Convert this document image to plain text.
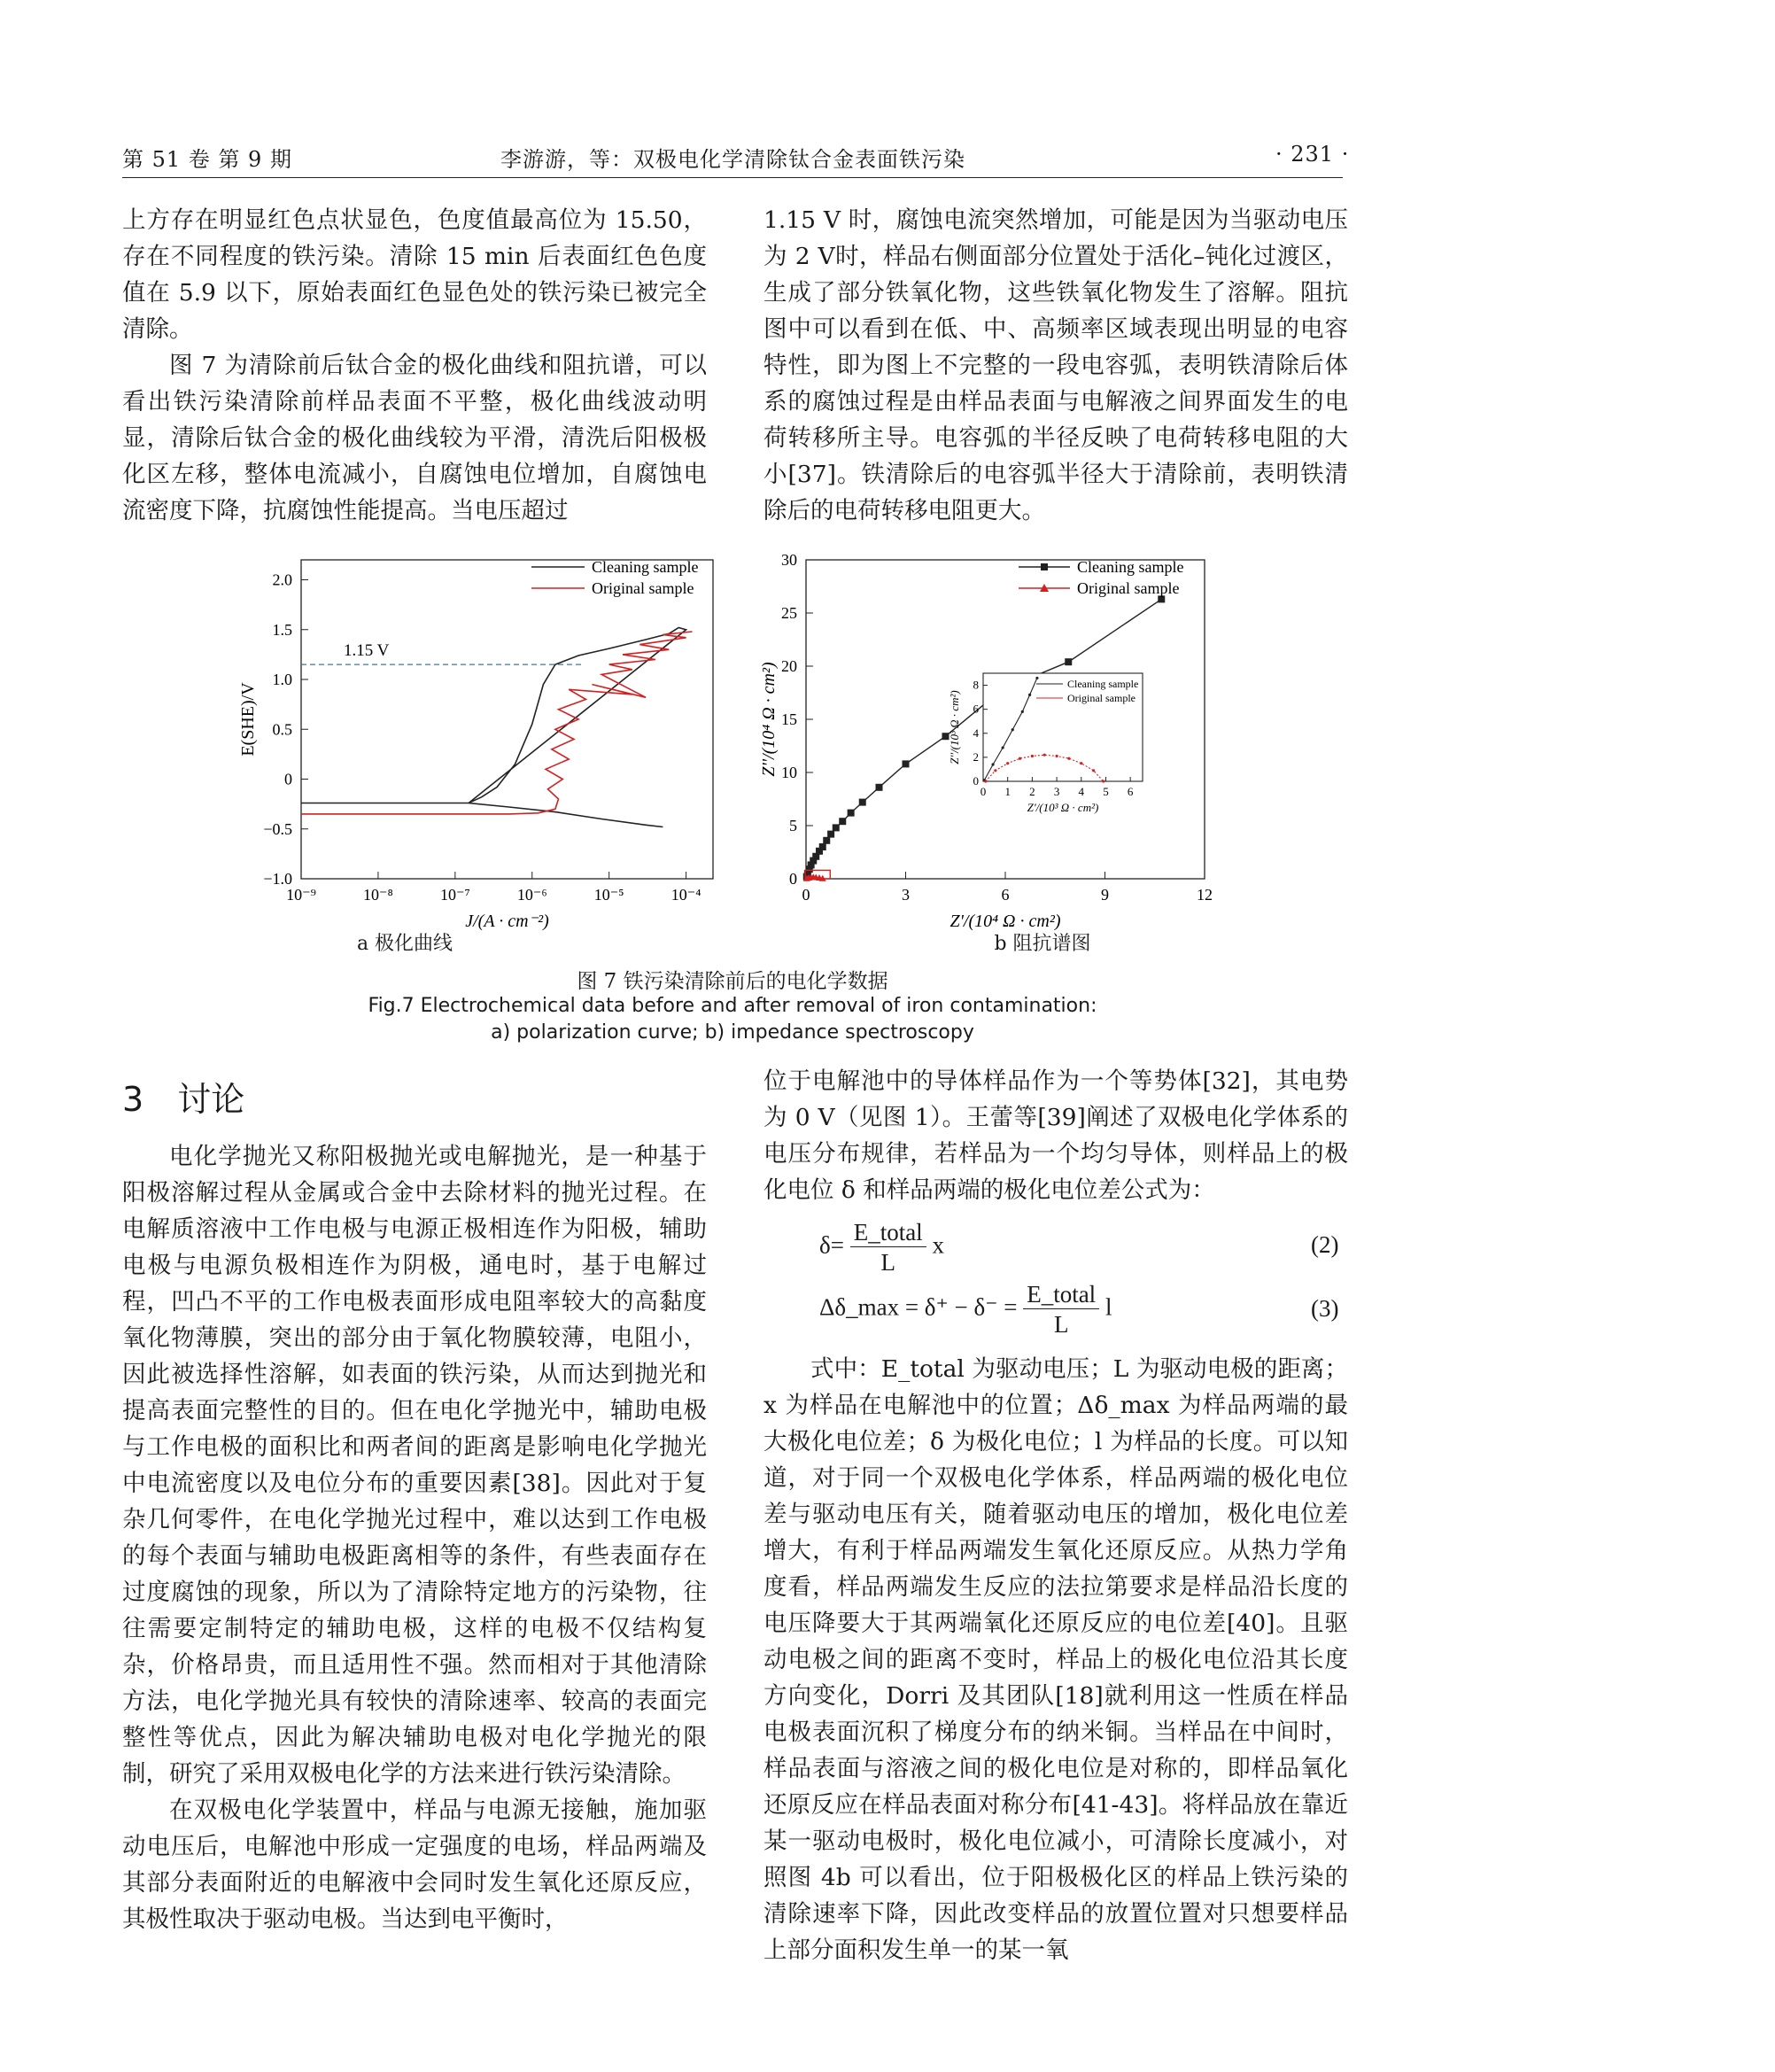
第 51 卷 第 9 期	李游游，等：双极电化学清除钛合金表面铁污染	· 231 ·

上方存在明显红色点状显色，色度值最高位为 15.50，存在不同程度的铁污染。清除 15 min 后表面红色色度值在 5.9 以下，原始表面红色显色处的铁污染已被完全清除。

图 7 为清除前后钛合金的极化曲线和阻抗谱，可以看出铁污染清除前样品表面不平整，极化曲线波动明显，清除后钛合金的极化曲线较为平滑，清洗后阳极极化区左移，整体电流减小，自腐蚀电位增加，自腐蚀电流密度下降，抗腐蚀性能提高。当电压超过

1.15 V 时，腐蚀电流突然增加，可能是因为当驱动电压为 2 V时，样品右侧面部分位置处于活化–钝化过渡区，生成了部分铁氧化物，这些铁氧化物发生了溶解。阻抗图中可以看到在低、中、高频率区域表现出明显的电容特性，即为图上不完整的一段电容弧，表明铁清除后体系的腐蚀过程是由样品表面与电解液之间界面发生的电荷转移所主导。电容弧的半径反映了电荷转移电阻的大小[37]。铁清除后的电容弧半径大于清除前，表明铁清除后的电荷转移电阻更大。

10⁻⁹	10⁻⁸	10⁻⁷	10⁻⁶	10⁻⁵	10⁻⁴
2.0
1.5
1.0
0.5
0
−0.5
−1.0
J/(A · cm⁻²)
E(SHE)/V
1.15 V
Cleaning sample
Original sample
0	3	6	9	12
0
5
10
15
20
25
30
Z'/(10⁴ Ω · cm²)
Z''/(10⁴ Ω · cm²)
Cleaning sample
Original sample
0 1 2 3 4 5 6
0
2
4
6
8
Z'/(10³ Ω · cm²)
Z''/(10³ Ω · cm²)
Cleaning sample
Original sample
a 极化曲线	b 阻抗谱图
图 7 铁污染清除前后的电化学数据
Fig.7 Electrochemical data before and after removal of iron contamination:
a) polarization curve; b) impedance spectroscopy
3 讨论

电化学抛光又称阳极抛光或电解抛光，是一种基于阳极溶解过程从金属或合金中去除材料的抛光过程。在电解质溶液中工作电极与电源正极相连作为阳极，辅助电极与电源负极相连作为阴极，通电时，基于电解过程，凹凸不平的工作电极表面形成电阻率较大的高黏度氧化物薄膜，突出的部分由于氧化物膜较薄，电阻小，因此被选择性溶解，如表面的铁污染，从而达到抛光和提高表面完整性的目的。但在电化学抛光中，辅助电极与工作电极的面积比和两者间的距离是影响电化学抛光中电流密度以及电位分布的重要因素[38]。因此对于复杂几何零件，在电化学抛光过程中，难以达到工作电极的每个表面与辅助电极距离相等的条件，有些表面存在过度腐蚀的现象，所以为了清除特定地方的污染物，往往需要定制特定的辅助电极，这样的电极不仅结构复杂，价格昂贵，而且适用性不强。然而相对于其他清除方法，电化学抛光具有较快的清除速率、较高的表面完整性等优点，因此为解决辅助电极对电化学抛光的限制，研究了采用双极电化学的方法来进行铁污染清除。

在双极电化学装置中，样品与电源无接触，施加驱动电压后，电解池中形成一定强度的电场，样品两端及其部分表面附近的电解液中会同时发生氧化还原反应，其极性取决于驱动电极。当达到电平衡时，

位于电解池中的导体样品作为一个等势体[32]，其电势为 0 V（见图 1）。王蕾等[39]阐述了双极电化学体系的电压分布规律，若样品为一个均匀导体，则样品上的极化电位 δ 和样品两端的极化电位差公式为：

$\delta= \frac{\text{E\_total}}{L}$ x	(2)
Δδ_max = $\delta^+ - \delta^- = \frac{\text{E\_total}}{L}$ l	(3)

式中：E_total 为驱动电压；L 为驱动电极的距离；x 为样品在电解池中的位置；Δδ_max 为样品两端的最大极化电位差；δ 为极化电位；l 为样品的长度。可以知道，对于同一个双极电化学体系，样品两端的极化电位差与驱动电压有关，随着驱动电压的增加，极化电位差增大，有利于样品两端发生氧化还原反应。从热力学角度看，样品两端发生反应的法拉第要求是样品沿长度的电压降要大于其两端氧化还原反应的电位差[40]。且驱动电极之间的距离不变时，样品上的极化电位沿其长度方向变化，Dorri 及其团队[18]就利用这一性质在样品电极表面沉积了梯度分布的纳米铜。当样品在中间时，样品表面与溶液之间的极化电位是对称的，即样品氧化还原反应在样品表面对称分布[41-43]。将样品放在靠近某一驱动电极时，极化电位减小，可清除长度减小，对照图 4b 可以看出，位于阳极极化区的样品上铁污染的清除速率下降，因此改变样品的放置位置对只想要样品上部分面积发生单一的某一氧
